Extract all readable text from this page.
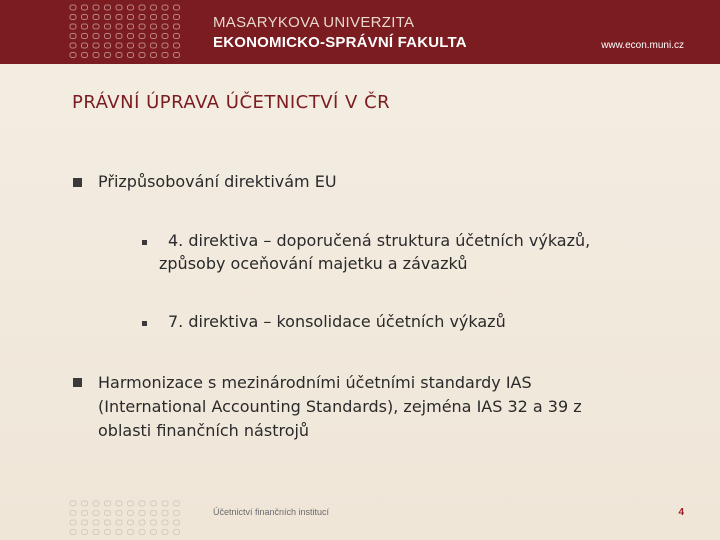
MASARYKOVA UNIVERZITA
EKONOMICKO-SPRÁVNÍ FAKULTA	www.econ.muni.cz
PRÁVNÍ ÚPRAVA ÚČETNICTVÍ V ČR
Přizpůsobování direktivám EU
4. direktiva – doporučená struktura účetních výkazů,
způsoby oceňování majetku a závazků
7. direktiva – konsolidace účetních výkazů
Harmonizace s mezinárodními účetními standardy IAS
(International Accounting Standards), zejména IAS 32 a 39 z
oblasti finančních nástrojů
Účetnictví finančních institucí	4
